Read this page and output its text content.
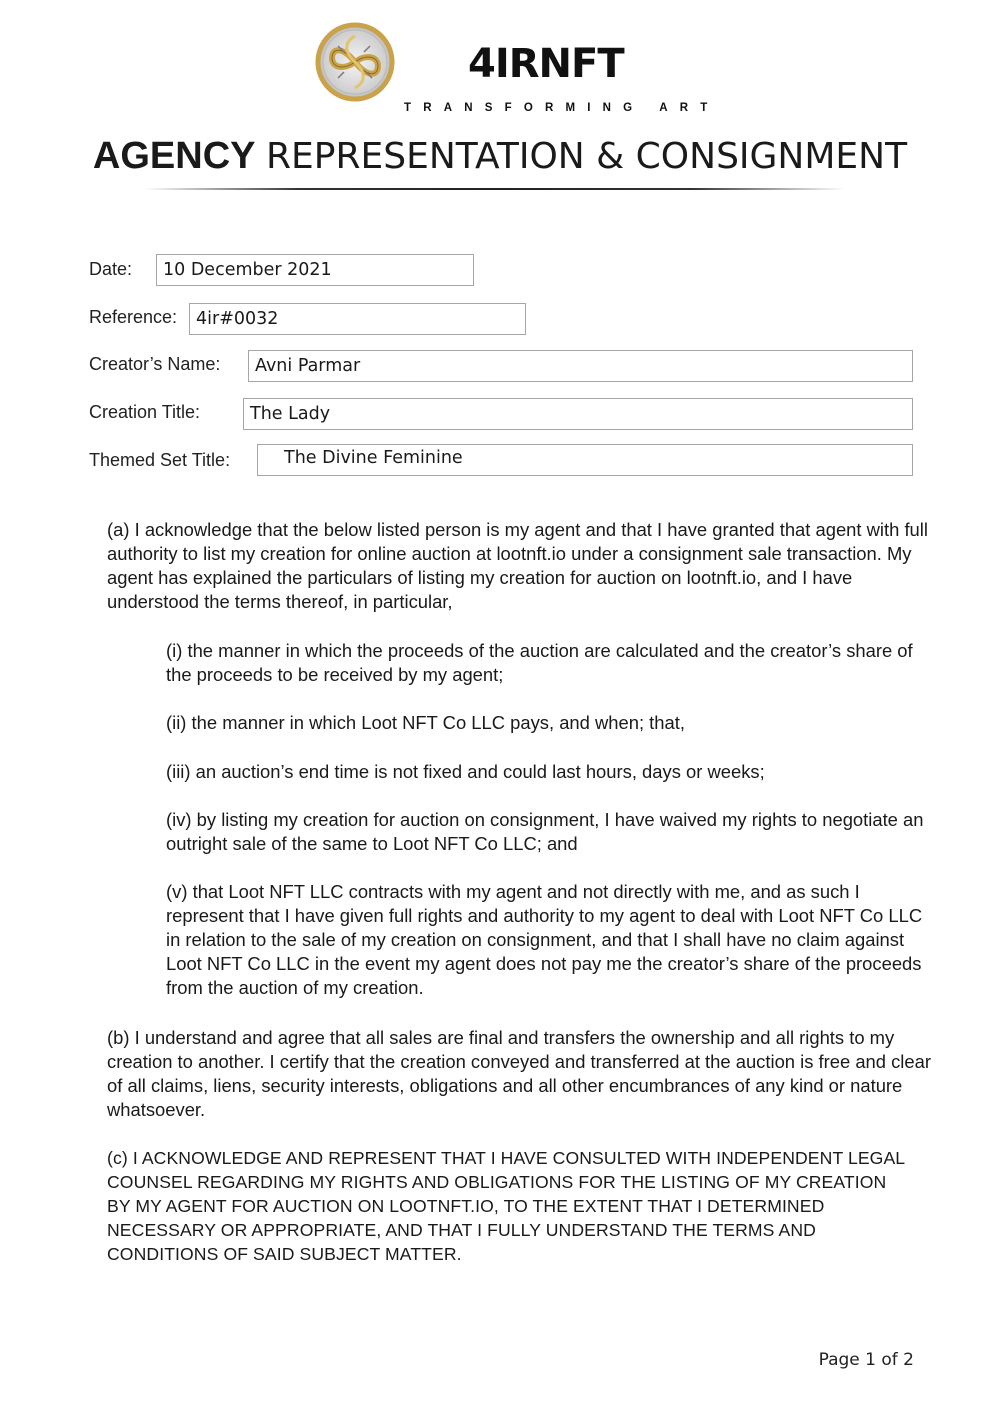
4IRNFT
TRANSFORMING ART
AGENCY REPRESENTATION & CONSIGNMENT
Date:	10 December 2021
Reference:	4ir#0032
Creator’s Name:	Avni Parmar
Creation Title:	The Lady
Themed Set Title:	The Divine Feminine

(a) I acknowledge that the below listed person is my agent and that I have granted that agent with full authority to list my creation for online auction at lootnft.io under a consignment sale transaction. My agent has explained the particulars of listing my creation for auction on lootnft.io, and I have understood the terms thereof, in particular,

(i) the manner in which the proceeds of the auction are calculated and the creator’s share of the proceeds to be received by my agent;

(ii) the manner in which Loot NFT Co LLC pays, and when; that,

(iii) an auction’s end time is not fixed and could last hours, days or weeks;

(iv) by listing my creation for auction on consignment, I have waived my rights to negotiate an outright sale of the same to Loot NFT Co LLC; and

(v) that Loot NFT LLC contracts with my agent and not directly with me, and as such I represent that I have given full rights and authority to my agent to deal with Loot NFT Co LLC in relation to the sale of my creation on consignment, and that I shall have no claim against Loot NFT Co LLC in the event my agent does not pay me the creator’s share of the proceeds from the auction of my creation.

(b) I understand and agree that all sales are final and transfers the ownership and all rights to my creation to another. I certify that the creation conveyed and transferred at the auction is free and clear of all claims, liens, security interests, obligations and all other encumbrances of any kind or nature whatsoever.

(c) I ACKNOWLEDGE AND REPRESENT THAT I HAVE CONSULTED WITH INDEPENDENT LEGAL COUNSEL REGARDING MY RIGHTS AND OBLIGATIONS FOR THE LISTING OF MY CREATION BY MY AGENT FOR AUCTION ON LOOTNFT.IO, TO THE EXTENT THAT I DETERMINED NECESSARY OR APPROPRIATE, AND THAT I FULLY UNDERSTAND THE TERMS AND CONDITIONS OF SAID SUBJECT MATTER.

Page 1 of 2
